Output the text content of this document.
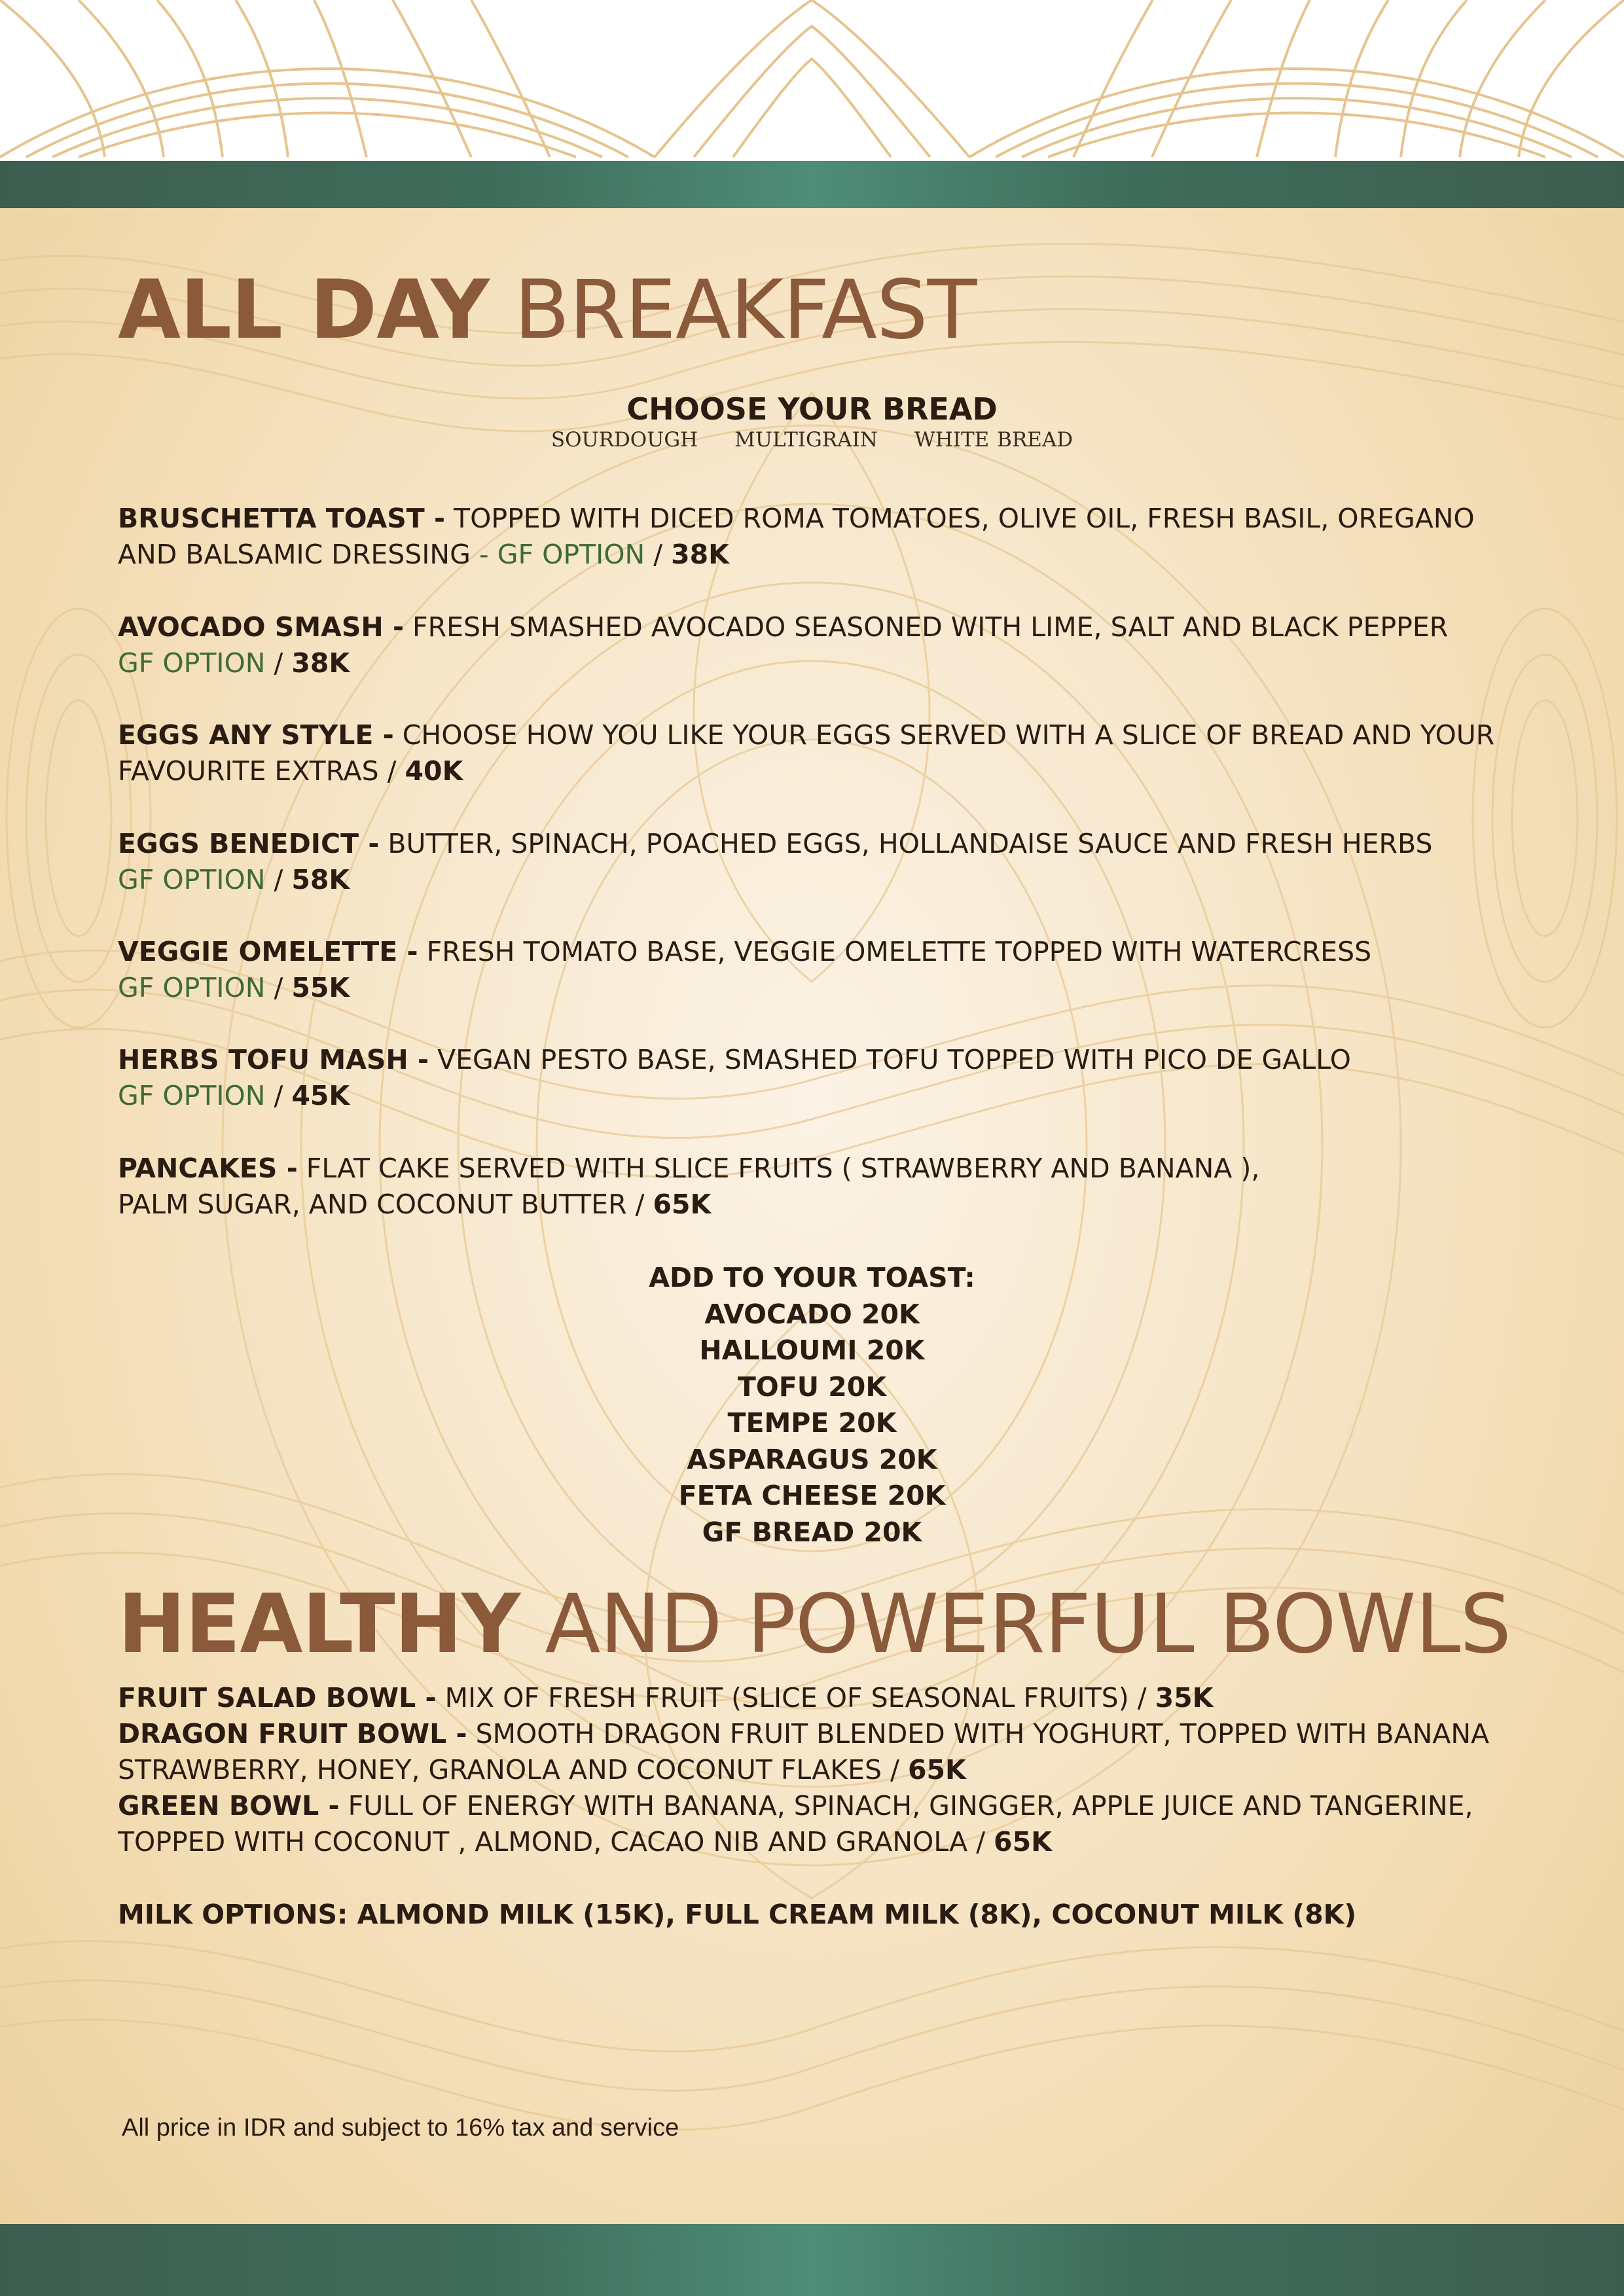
ALL DAY BREAKFAST
CHOOSE YOUR BREAD
SOURDOUGH MULTIGRAIN WHITE BREAD
BRUSCHETTA TOAST - TOPPED WITH DICED ROMA TOMATOES, OLIVE OIL, FRESH BASIL, OREGANO AND BALSAMIC DRESSING - GF OPTION / 38K
AVOCADO SMASH - FRESH SMASHED AVOCADO SEASONED WITH LIME, SALT AND BLACK PEPPER
GF OPTION / 38K
EGGS ANY STYLE - CHOOSE HOW YOU LIKE YOUR EGGS SERVED WITH A SLICE OF BREAD AND YOUR FAVOURITE EXTRAS / 40K
EGGS BENEDICT - BUTTER, SPINACH, POACHED EGGS, HOLLANDAISE SAUCE AND FRESH HERBS
GF OPTION / 58K
VEGGIE OMELETTE - FRESH TOMATO BASE, VEGGIE OMELETTE TOPPED WITH WATERCRESS
GF OPTION / 55K
HERBS TOFU MASH - VEGAN PESTO BASE, SMASHED TOFU TOPPED WITH PICO DE GALLO
GF OPTION / 45K
PANCAKES - FLAT CAKE SERVED WITH SLICE FRUITS ( STRAWBERRY AND BANANA ),
PALM SUGAR, AND COCONUT BUTTER / 65K
ADD TO YOUR TOAST:
AVOCADO 20K
HALLOUMI 20K
TOFU 20K
TEMPE 20K
ASPARAGUS 20K
FETA CHEESE 20K
GF BREAD 20K
HEALTHY AND POWERFUL BOWLS
FRUIT SALAD BOWL - MIX OF FRESH FRUIT (SLICE OF SEASONAL FRUITS) / 35K
DRAGON FRUIT BOWL - SMOOTH DRAGON FRUIT BLENDED WITH YOGHURT, TOPPED WITH BANANA
STRAWBERRY, HONEY, GRANOLA AND COCONUT FLAKES / 65K
GREEN BOWL - FULL OF ENERGY WITH BANANA, SPINACH, GINGGER, APPLE JUICE AND TANGERINE,
TOPPED WITH COCONUT , ALMOND, CACAO NIB AND GRANOLA / 65K
MILK OPTIONS: ALMOND MILK (15K), FULL CREAM MILK (8K), COCONUT MILK (8K)
All price in IDR and subject to 16% tax and service
